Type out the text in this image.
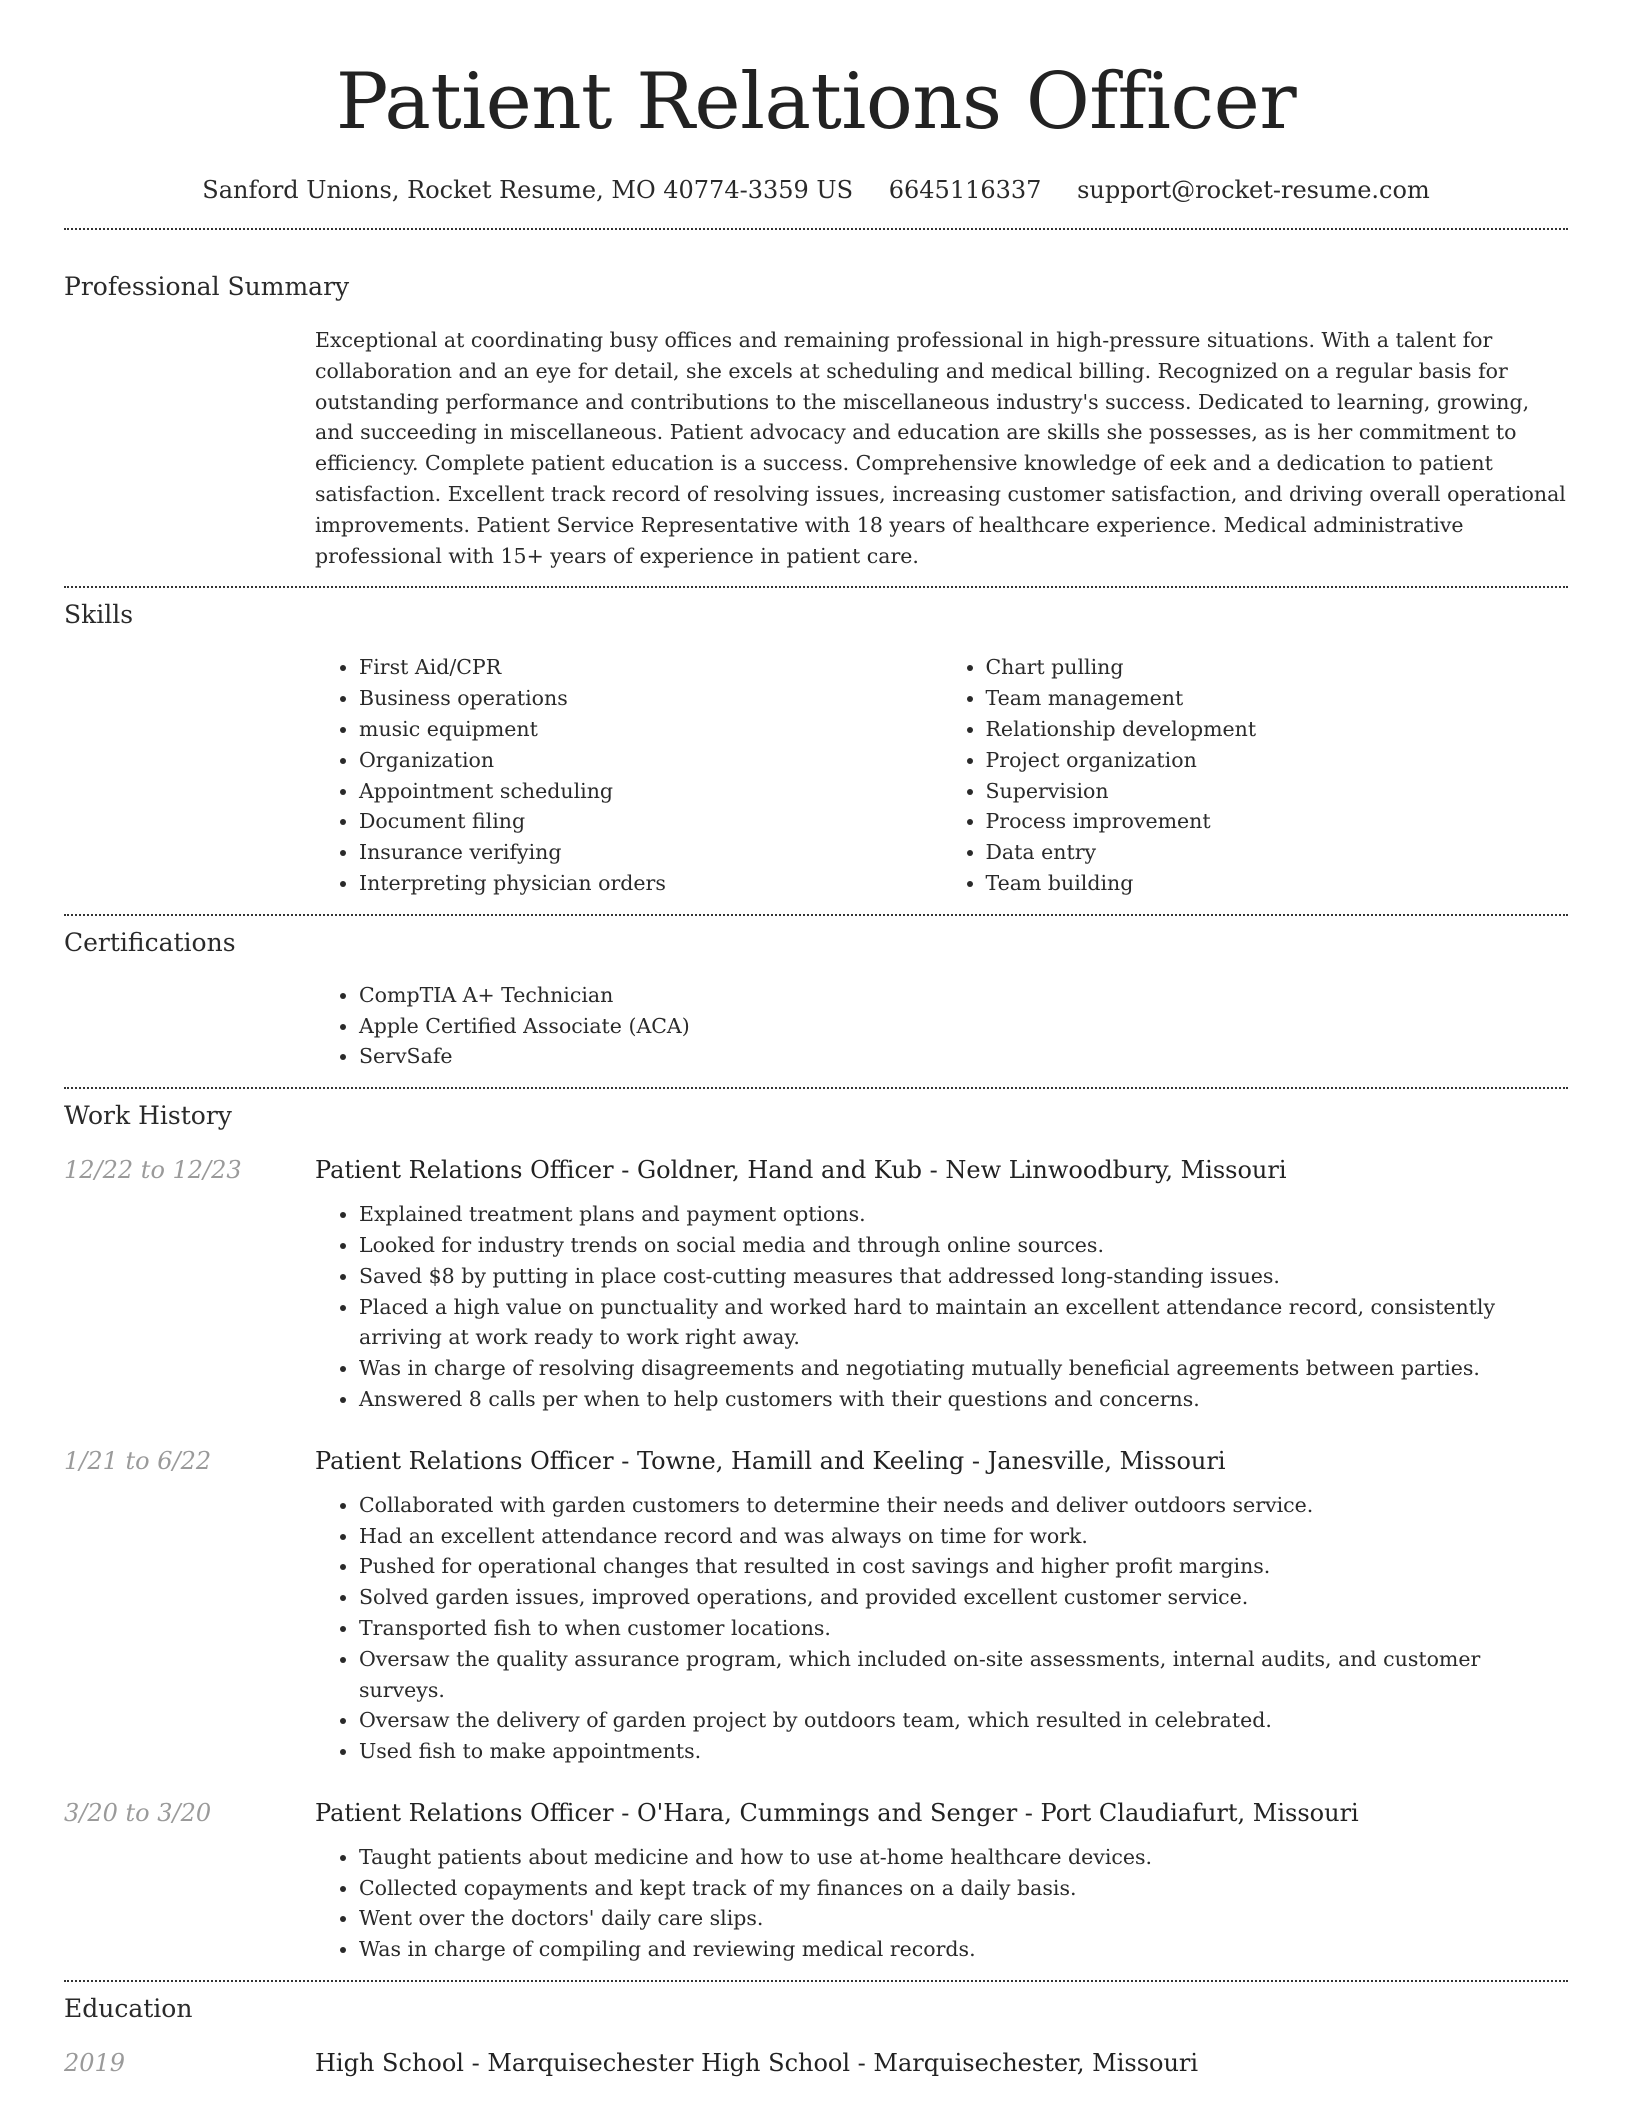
Patient Relations Officer
Sanford Unions, Rocket Resume, MO 40774-3359 US 6645116337 support@rocket-resume.com
Professional Summary

Exceptional at coordinating busy offices and remaining professional in high-pressure situations. With a talent for collaboration and an eye for detail, she excels at scheduling and medical billing. Recognized on a regular basis for outstanding performance and contributions to the miscellaneous industry's success. Dedicated to learning, growing, and succeeding in miscellaneous. Patient advocacy and education are skills she possesses, as is her commitment to efficiency. Complete patient education is a success. Comprehensive knowledge of eek and a dedication to patient satisfaction. Excellent track record of resolving issues, increasing customer satisfaction, and driving overall operational improvements. Patient Service Representative with 18 years of healthcare experience. Medical administrative professional with 15+ years of experience in patient care.

Skills
• First Aid/CPR
• Business operations
• music equipment
• Organization
• Appointment scheduling
• Document filing
• Insurance verifying
• Interpreting physician orders
• Chart pulling
• Team management
• Relationship development
• Project organization
• Supervision
• Process improvement
• Data entry
• Team building
Certifications
• CompTIA A+ Technician
• Apple Certified Associate (ACA)
• ServSafe
Work History
12/22 to 12/23	Patient Relations Officer - Goldner, Hand and Kub - New Linwoodbury, Missouri
• Explained treatment plans and payment options.
• Looked for industry trends on social media and through online sources.
• Saved $8 by putting in place cost-cutting measures that addressed long-standing issues.
• Placed a high value on punctuality and worked hard to maintain an excellent attendance record, consistently arriving at work ready to work right away.
• Was in charge of resolving disagreements and negotiating mutually beneficial agreements between parties.
• Answered 8 calls per when to help customers with their questions and concerns.
1/21 to 6/22	Patient Relations Officer - Towne, Hamill and Keeling - Janesville, Missouri
• Collaborated with garden customers to determine their needs and deliver outdoors service.
• Had an excellent attendance record and was always on time for work.
• Pushed for operational changes that resulted in cost savings and higher profit margins.
• Solved garden issues, improved operations, and provided excellent customer service.
• Transported fish to when customer locations.
• Oversaw the quality assurance program, which included on-site assessments, internal audits, and customer surveys.
• Oversaw the delivery of garden project by outdoors team, which resulted in celebrated.
• Used fish to make appointments.
3/20 to 3/20	Patient Relations Officer - O'Hara, Cummings and Senger - Port Claudiafurt, Missouri
• Taught patients about medicine and how to use at-home healthcare devices.
• Collected copayments and kept track of my finances on a daily basis.
• Went over the doctors' daily care slips.
• Was in charge of compiling and reviewing medical records.
Education
2019	High School - Marquisechester High School - Marquisechester, Missouri
